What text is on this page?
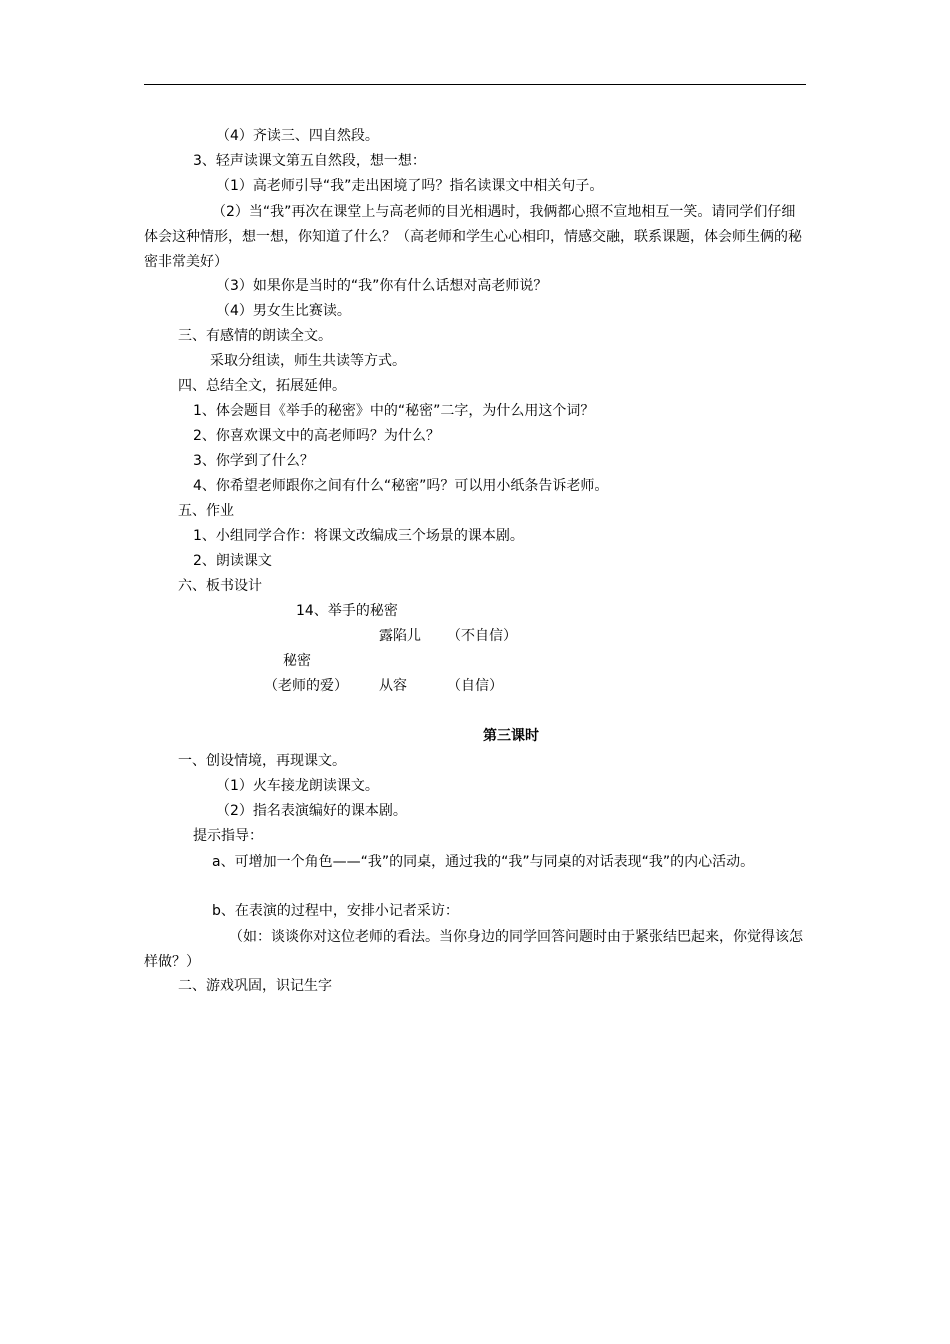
（4）齐读三、四自然段。
3、轻声读课文第五自然段，想一想：
（1）高老师引导“我”走出困境了吗？指名读课文中相关句子。
（2）当“我”再次在课堂上与高老师的目光相遇时，我俩都心照不宣地相互一笑。请同学们仔细体会这种情形，想一想，你知道了什么？（高老师和学生心心相印，情感交融，联系课题，体会师生俩的秘密非常美好）
（3）如果你是当时的“我”你有什么话想对高老师说？
（4）男女生比赛读。
三、有感情的朗读全文。
采取分组读，师生共读等方式。
四、总结全文，拓展延伸。
1、体会题目《举手的秘密》中的“秘密”二字，为什么用这个词？
2、你喜欢课文中的高老师吗？为什么？
3、你学到了什么？
4、你希望老师跟你之间有什么“秘密”吗？可以用小纸条告诉老师。
五、作业
1、小组同学合作：将课文改编成三个场景的课本剧。
2、朗读课文
六、板书设计
14、举手的秘密
露陷儿 （不自信）
秘密
（老师的爱） 从容	（自信）
第三课时
一、创设情境，再现课文。
（1）火车接龙朗读课文。
（2）指名表演编好的课本剧。
提示指导：
a、可增加一个角色——“我”的同桌，通过我的“我”与同桌的对话表现“我”的内心活动。
b、在表演的过程中，安排小记者采访：
（如：谈谈你对这位老师的看法。当你身边的同学回答问题时由于紧张结巴起来，你觉得该怎样做？）
二、游戏巩固，识记生字
